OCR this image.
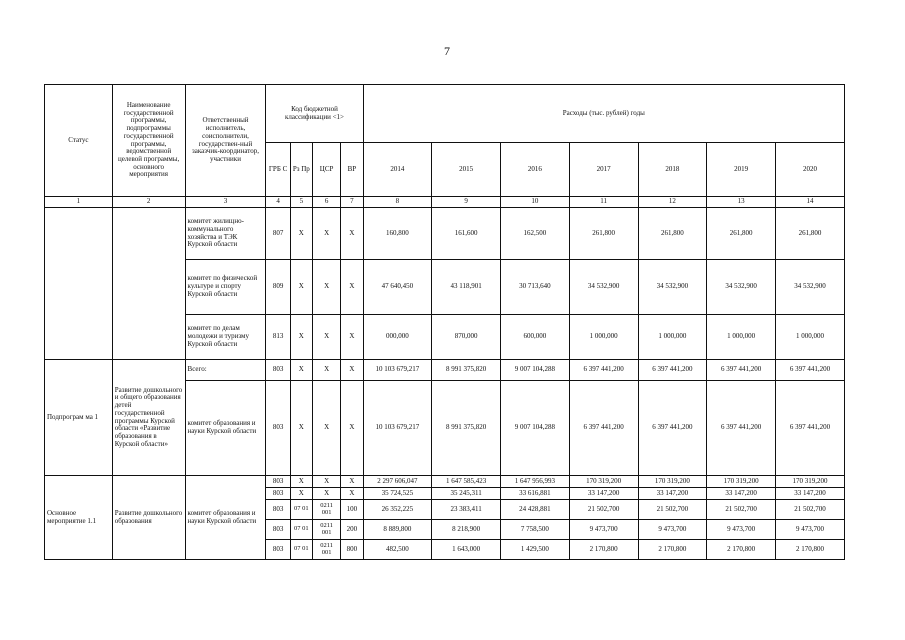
7
Статус	Наименование государственной программы, подпрограммы государственной программы, ведомственной целевой программы, основного мероприятия	Ответственный исполнитель, соисполнители, государствен-ный заказчик-координатор, участники	Код бюджетной классификации <1>				Расходы (тыс. рублей) годы						
			ГРБ С	Рз Пр	ЦСР	ВР	2014	2015	2016	2017	2018	2019	2020
1	2	3	4	5	6	7	8	9	10	11	12	13	14
		комитет жилищно-коммунального хозяйства и ТЭК Курской области	807	Х	Х	Х	160,800	161,600	162,500	261,800	261,800	261,800	261,800
		комитет по физической культуре и спорту Курской области	809	Х	Х	Х	47 640,450	43 118,901	30 713,640	34 532,900	34 532,900	34 532,900	34 532,900
		комитет по делам молодежи и туризму Курской области	813	Х	Х	Х	000,000	870,000	600,000	1 000,000	1 000,000	1 000,000	1 000,000
Подпрограм ма 1	Развитие дошкольного и общего образования детей государственной программы Курской области «Развитие образования в Курской области»	Всего:	803	Х	Х	Х	10 103 679,217	8 991 375,820	9 007 104,288	6 397 441,200	6 397 441,200	6 397 441,200	6 397 441,200
		комитет образования и науки Курской области	803	Х	Х	Х	10 103 679,217	8 991 375,820	9 007 104,288	6 397 441,200	6 397 441,200	6 397 441,200	6 397 441,200
Основное мероприятие 1.1	Развитие дошкольного образования	комитет образования и науки Курской области	803	Х	Х	Х	2 297 606,047	1 647 585,423	1 647 956,993	170 319,200	170 319,200	170 319,200	170 319,200
			803	Х	Х	Х	35 724,525	35 245,311	33 616,881	33 147,200	33 147,200	33 147,200	33 147,200
			803	07 01	0211 001	100	26 352,225	23 383,411	24 428,881	21 502,700	21 502,700	21 502,700	21 502,700
			803	07 01	0211 001	200	8 889,800	8 218,900	7 758,500	9 473,700	9 473,700	9 473,700	9 473,700
			803	07 01	0211 001	800	482,500	1 643,000	1 429,500	2 170,800	2 170,800	2 170,800	2 170,800
